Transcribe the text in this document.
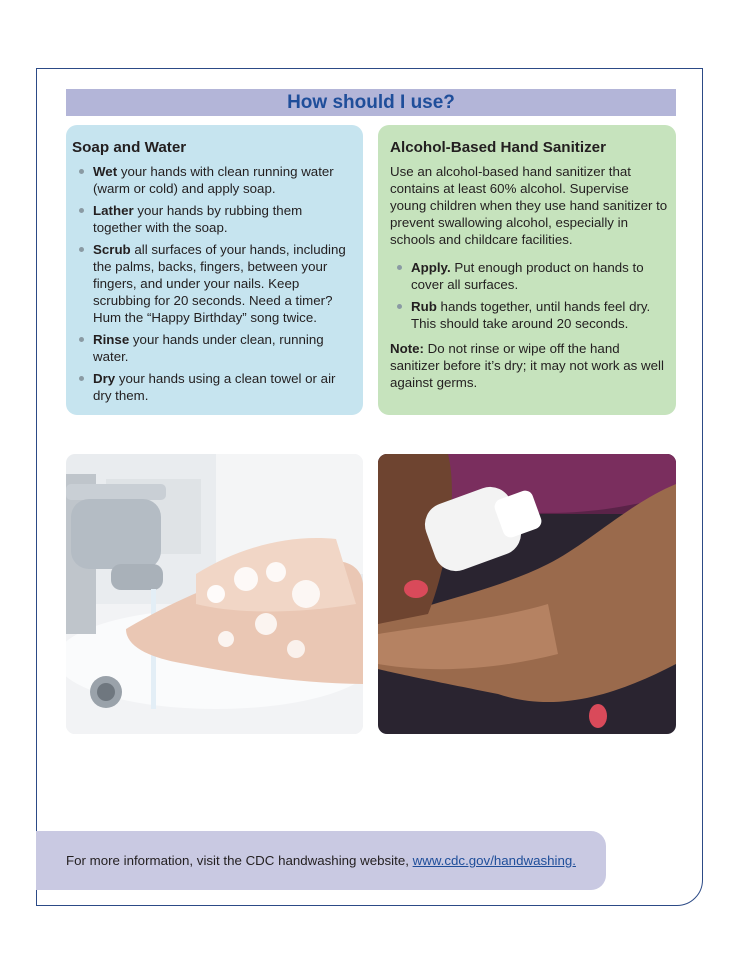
How should I use?
Soap and Water
Wet your hands with clean running water (warm or cold) and apply soap.
Lather your hands by rubbing them together with the soap.
Scrub all surfaces of your hands, including the palms, backs, fingers, between your fingers, and under your nails. Keep scrubbing for 20 seconds. Need a timer? Hum the “Happy Birthday” song twice.
Rinse your hands under clean, running water.
Dry your hands using a clean towel or air dry them.
Alcohol-Based Hand Sanitizer

Use an alcohol-based hand sanitizer that contains at least 60% alcohol. Supervise young children when they use hand sanitizer to prevent swallowing alcohol, especially in schools and childcare facilities.

Apply. Put enough product on hands to cover all surfaces.
Rub hands together, until hands feel dry. This should take around 20 seconds.

Note: Do not rinse or wipe off the hand sanitizer before it’s dry; it may not work as well against germs.

For more information, visit the CDC handwashing website, www.cdc.gov/handwashing.
